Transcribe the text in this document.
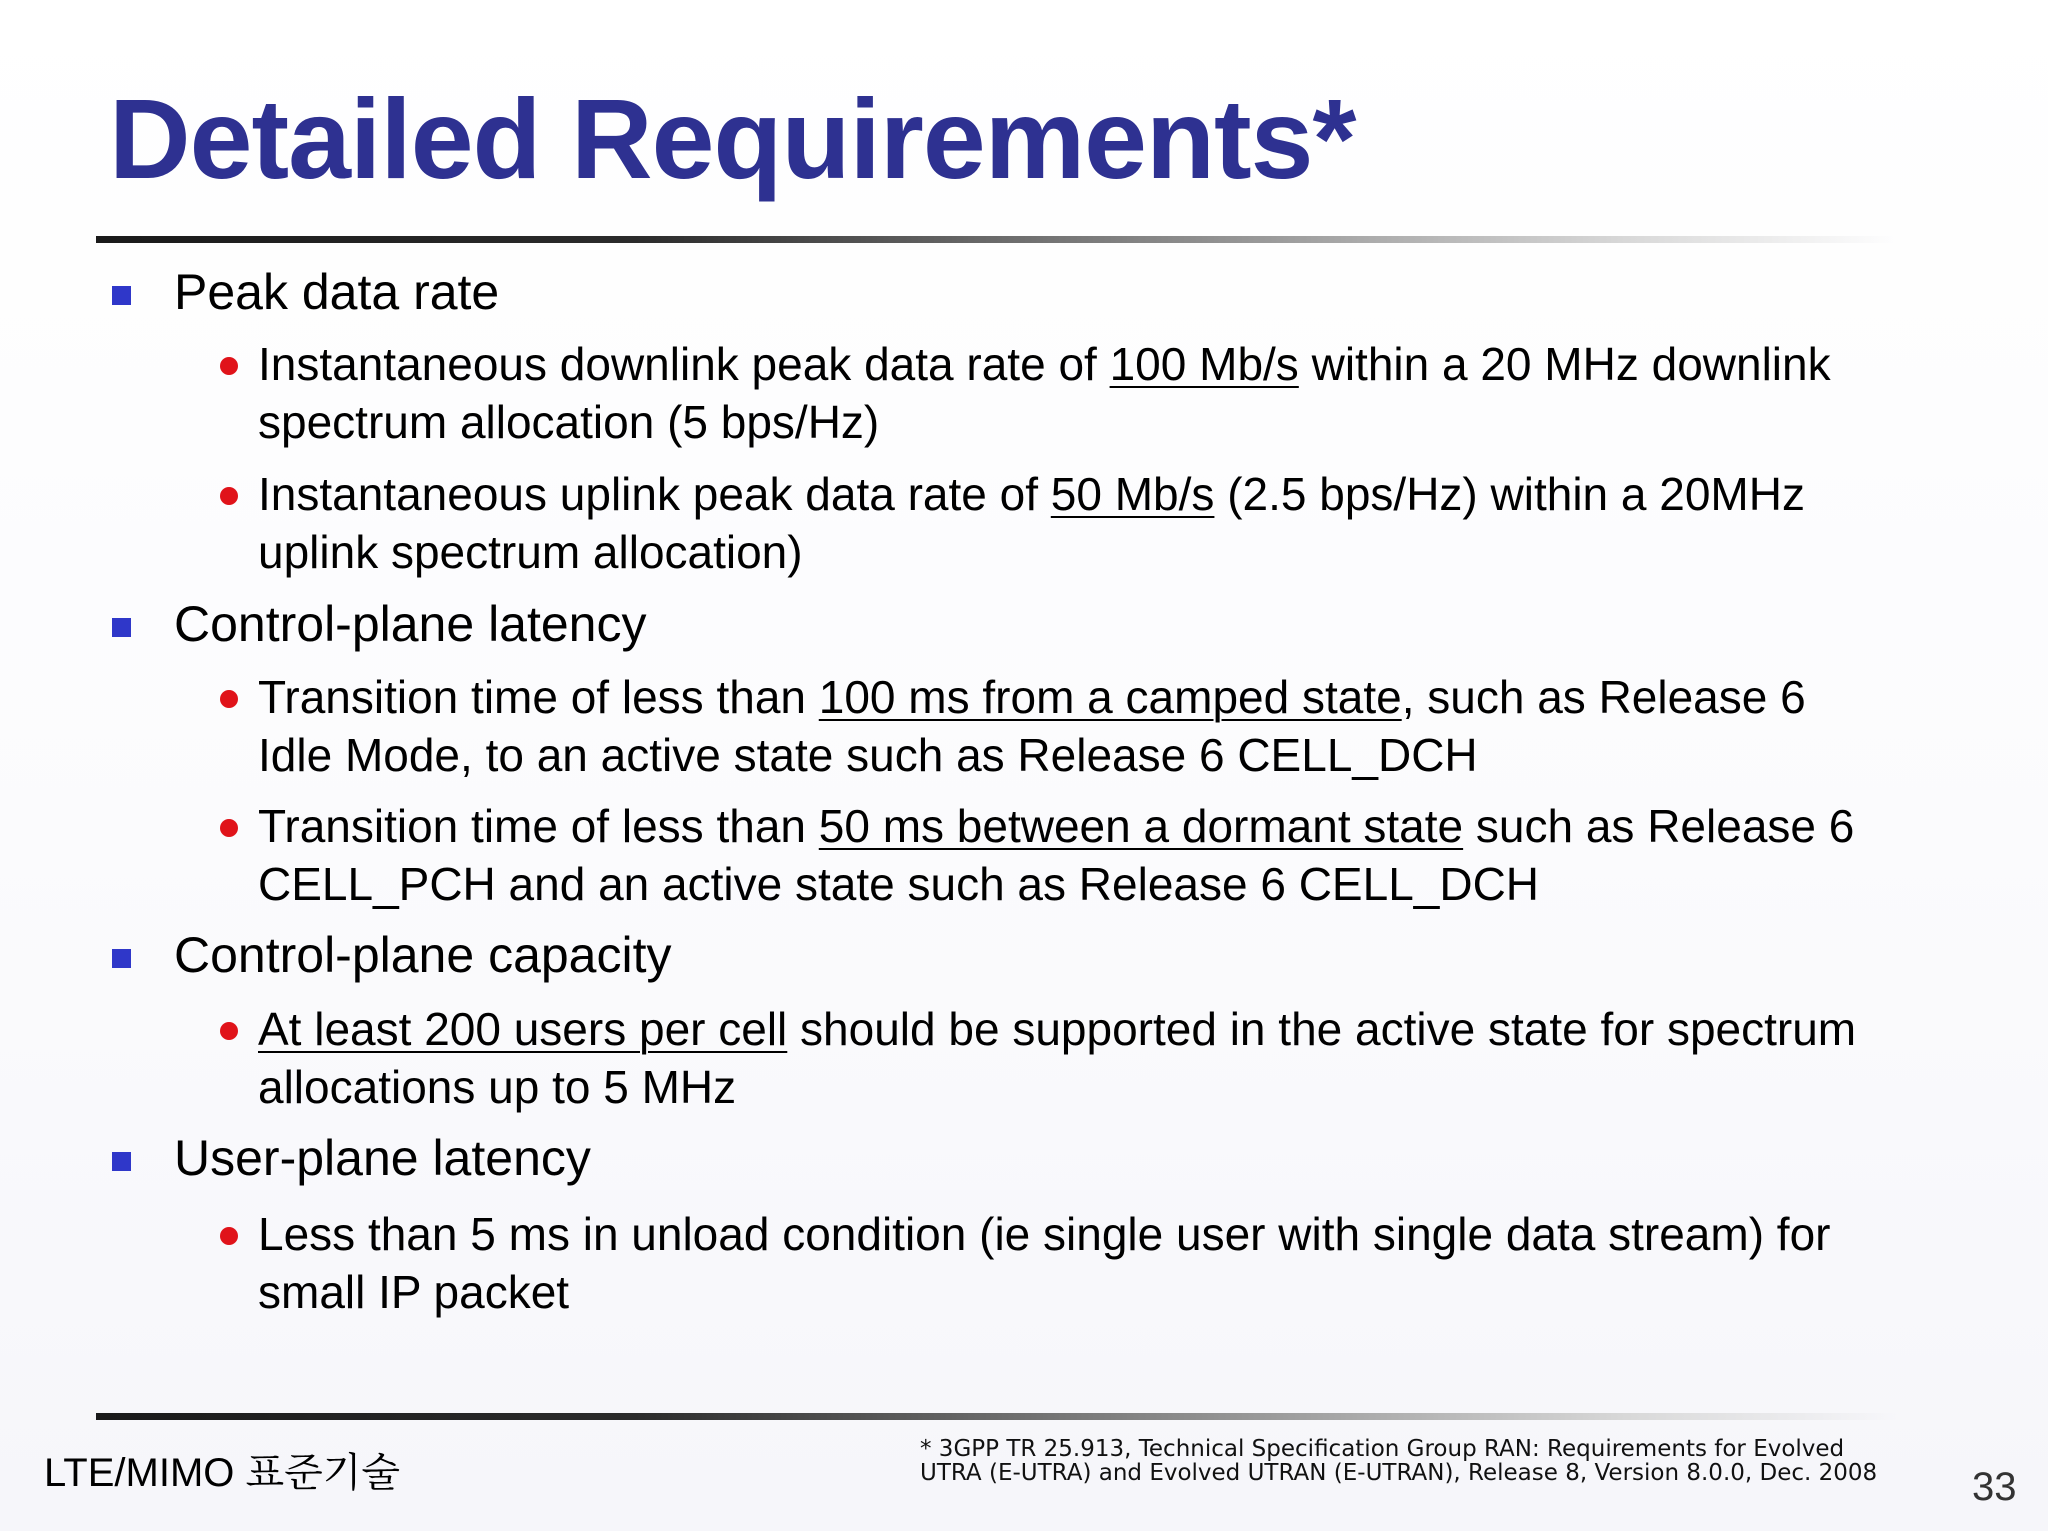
Detailed Requirements*
Peak data rate
Instantaneous downlink peak data rate of 100 Mb/s within a 20 MHz downlink
spectrum allocation (5 bps/Hz)
Instantaneous uplink peak data rate of 50 Mb/s (2.5 bps/Hz) within a 20MHz
uplink spectrum allocation)
Control-plane latency
Transition time of less than 100 ms from a camped state, such as Release 6
Idle Mode, to an active state such as Release 6 CELL_DCH
Transition time of less than 50 ms between a dormant state such as Release 6
CELL_PCH and an active state such as Release 6 CELL_DCH
Control-plane capacity
At least 200 users per cell should be supported in the active state for spectrum
allocations up to 5 MHz
User-plane latency
Less than 5 ms in unload condition (ie single user with single data stream) for
small IP packet
LTE/MIMO 표준기술
* 3GPP TR 25.913, Technical Specification Group RAN: Requirements for Evolved
UTRA (E-UTRA) and Evolved UTRAN (E-UTRAN), Release 8, Version 8.0.0, Dec. 2008 33
